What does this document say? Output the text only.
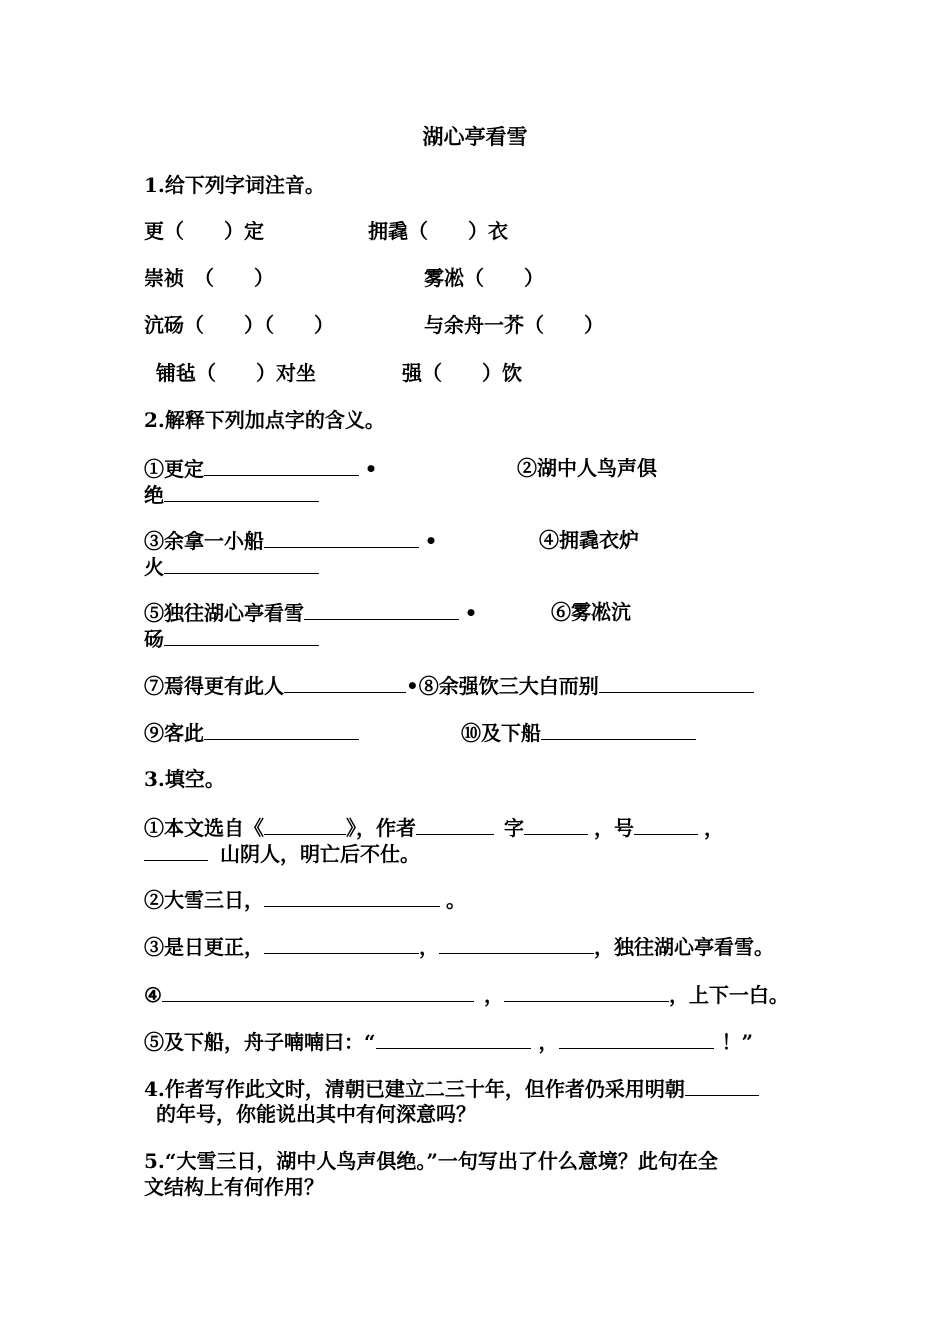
湖心亭看雪
1.给下列字词注音。
更（　　）定	拥毳（　　）衣
崇祯　（　　）	雾凇（　　）
沆砀（　　）（　　）	与余舟一芥（　　）
铺毡（　　）对坐	强（　　）饮
2.解释下列加点字的含义。
①更定	•	②湖中人鸟声俱
绝
③余拿一小船	•	④拥毳衣炉
火
⑤独往湖心亭看雪	•	⑥雾凇沆
砀
⑦焉得更有此人	•⑧余强饮三大白而别
⑨客此	⑩及下船
3.填空。
①本文选自《	》，作者	字	，号	，
山阴人，明亡后不仕。
②大雪三日，	。
③是日更正，	，	，独往湖心亭看雪。
④	，	，上下一白。
⑤及下船，舟子喃喃曰：“	，	！”
4.作者写作此文时，清朝已建立二三十年，但作者仍采用明朝
的年号，你能说出其中有何深意吗？
5.“大雪三日，湖中人鸟声俱绝。”一句写出了什么意境？此句在全
文结构上有何作用？
